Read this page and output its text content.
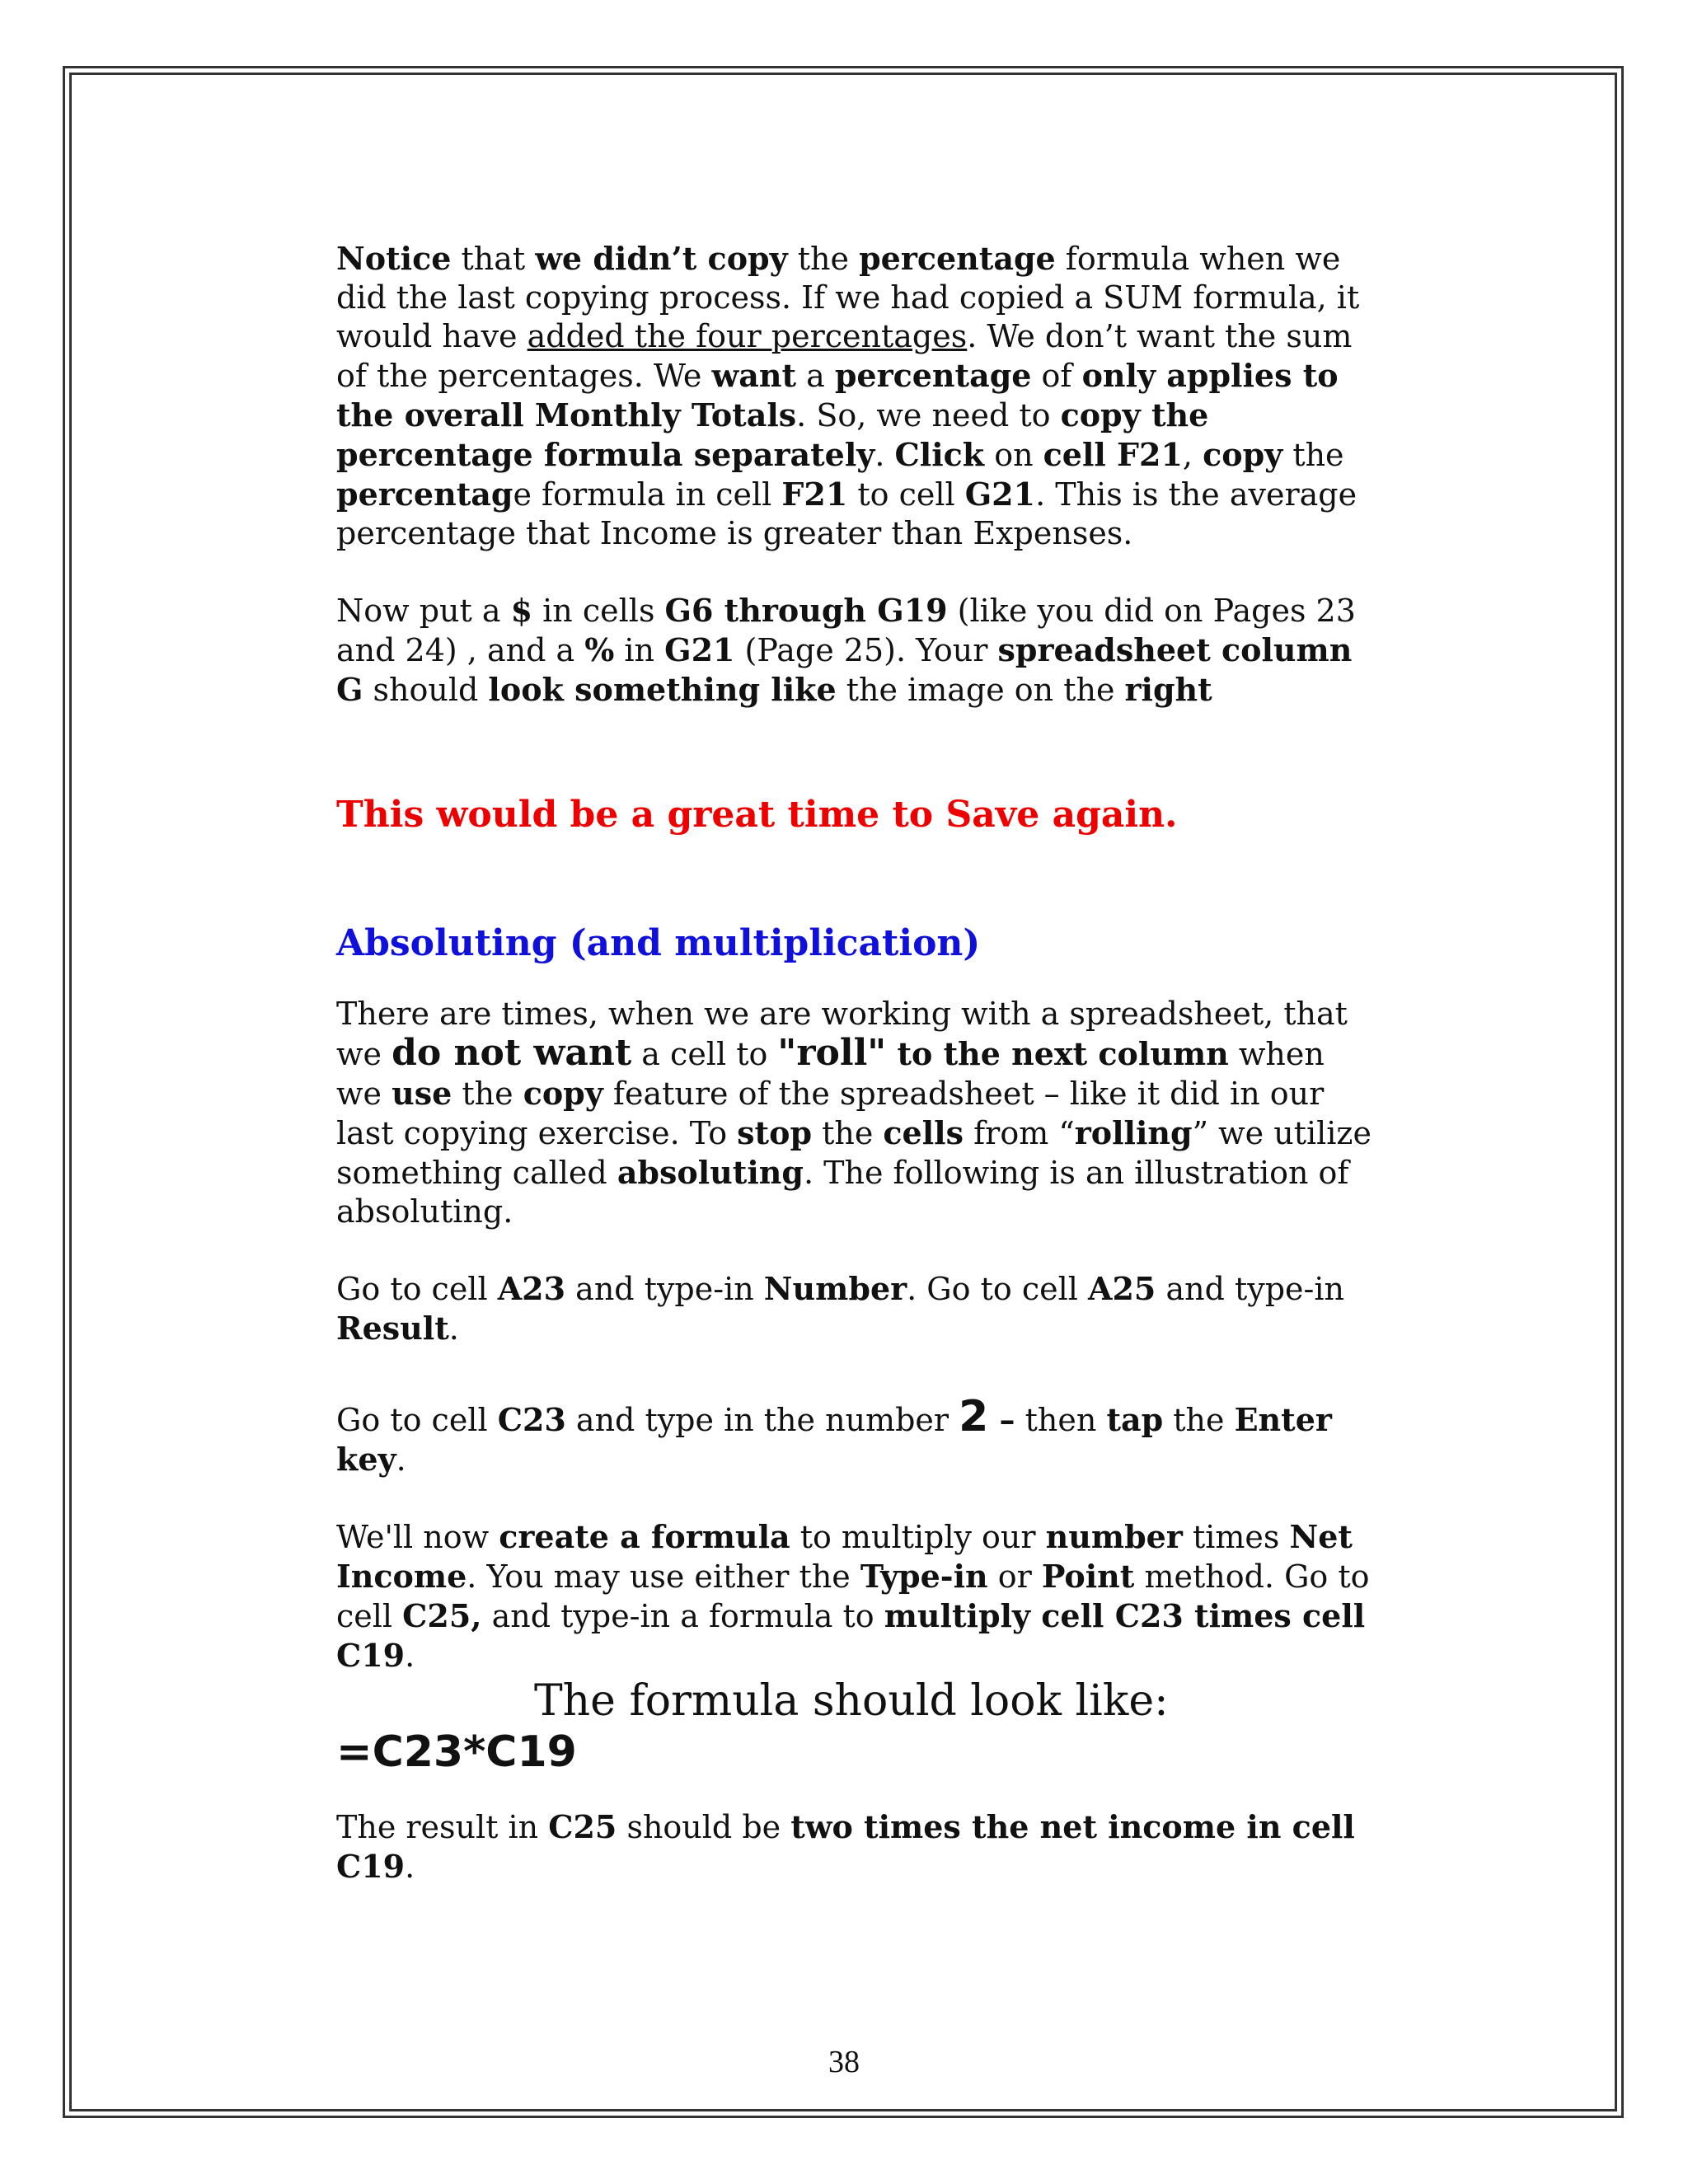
Notice that we didn’t copy the percentage formula when we did the last copying process. If we had copied a SUM formula, it would have added the four percentages. We don’t want the sum of the percentages. We want a percentage of only applies to the overall Monthly Totals. So, we need to copy the percentage formula separately. Click on cell F21, copy the percentage formula in cell F21 to cell G21. This is the average percentage that Income is greater than Expenses.

Now put a $ in cells G6 through G19 (like you did on Pages 23 and 24) , and a % in G21 (Page 25). Your spreadsheet column G should look something like the image on the right

This would be a great time to Save again.

Absoluting (and multiplication)

There are times, when we are working with a spreadsheet, that we do not want a cell to "roll" to the next column when we use the copy feature of the spreadsheet – like it did in our last copying exercise. To stop the cells from “rolling” we utilize something called absoluting. The following is an illustration of absoluting.

Go to cell A23 and type-in Number. Go to cell A25 and type-in Result.

Go to cell C23 and type in the number 2 – then tap the Enter key.

We'll now create a formula to multiply our number times Net Income. You may use either the Type-in or Point method. Go to cell C25, and type-in a formula to multiply cell C23 times cell C19.

The formula should look like:

=C23*C19

The result in C25 should be two times the net income in cell C19.

38
